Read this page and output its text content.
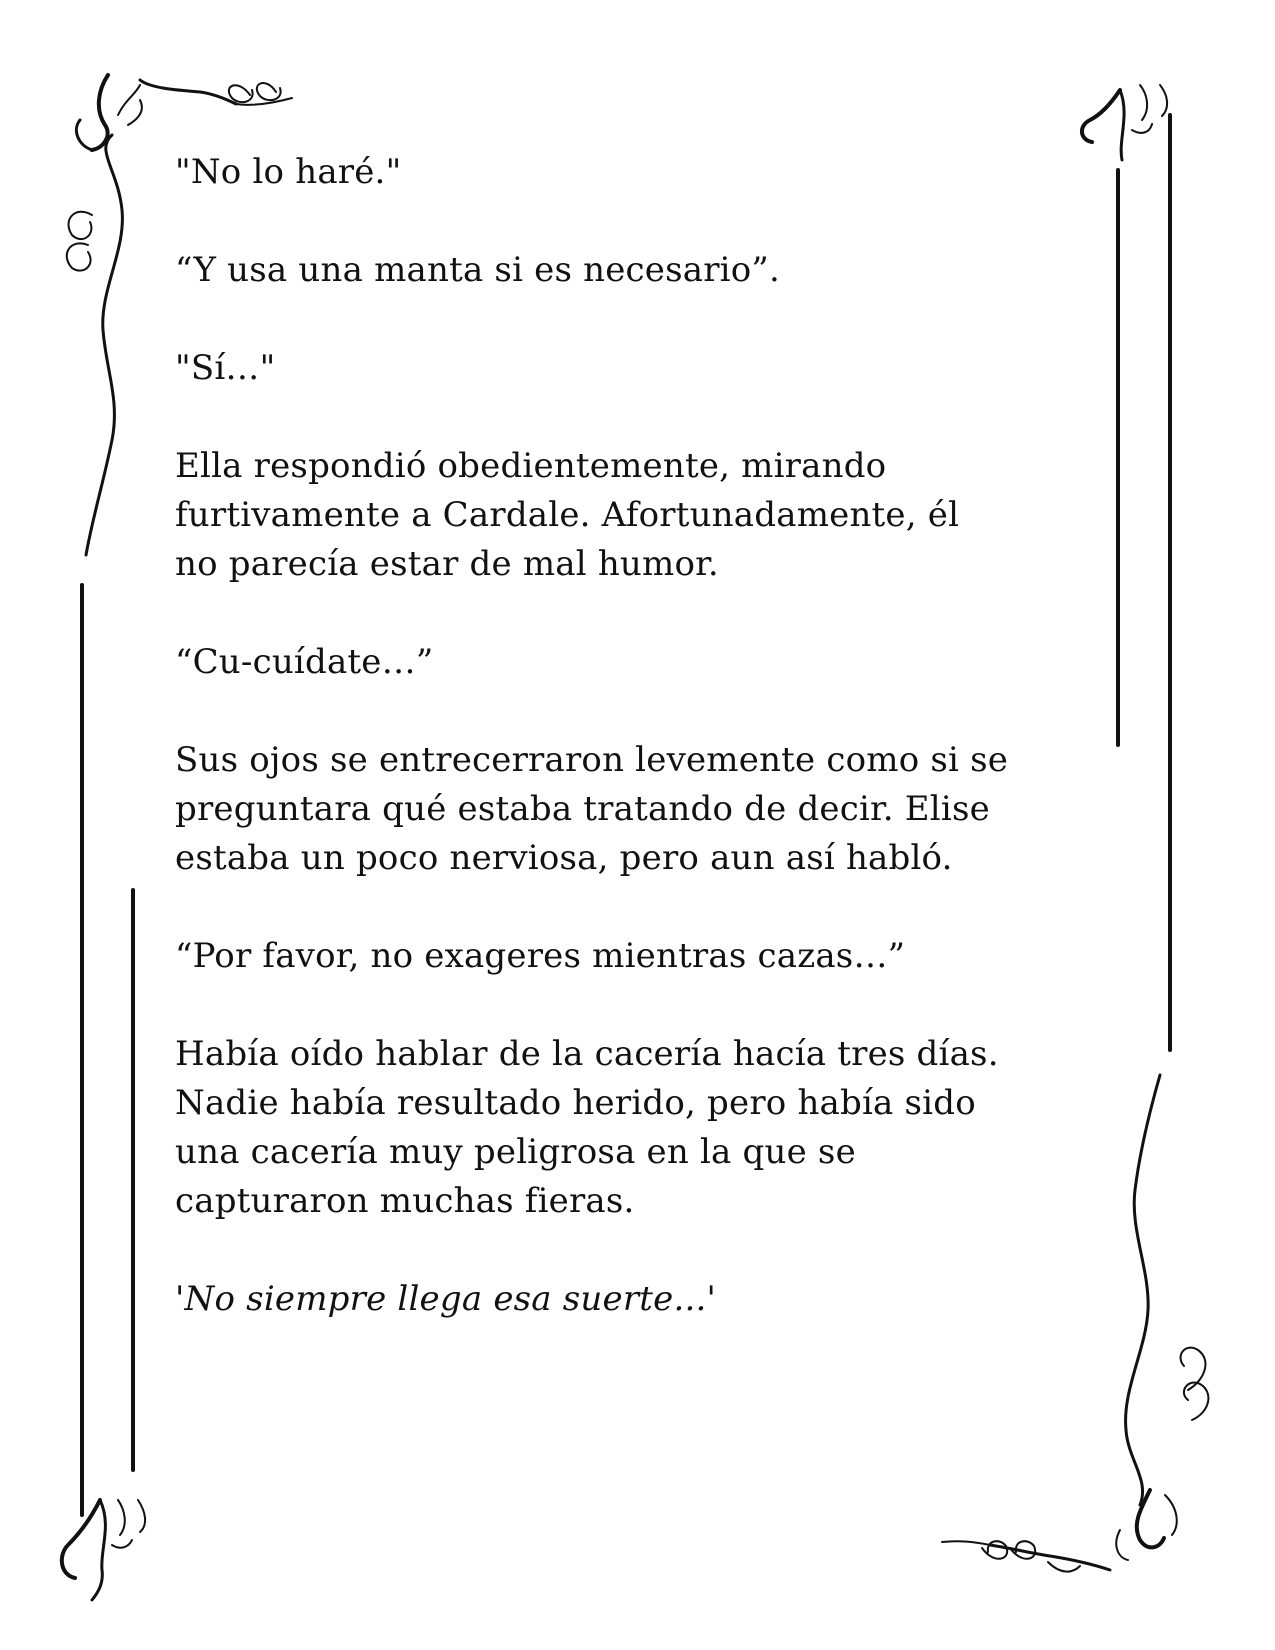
"No lo haré."

“Y usa una manta si es necesario”.

"Sí…"

Ella respondió obedientemente, mirando
furtivamente a Cardale. Afortunadamente, él
no parecía estar de mal humor.

“Cu-cuídate…”

Sus ojos se entrecerraron levemente como si se
preguntara qué estaba tratando de decir. Elise
estaba un poco nerviosa, pero aun así habló.

“Por favor, no exageres mientras cazas…”

Había oído hablar de la cacería hacía tres días.
Nadie había resultado herido, pero había sido
una cacería muy peligrosa en la que se
capturaron muchas fieras.

'No siempre llega esa suerte...'
